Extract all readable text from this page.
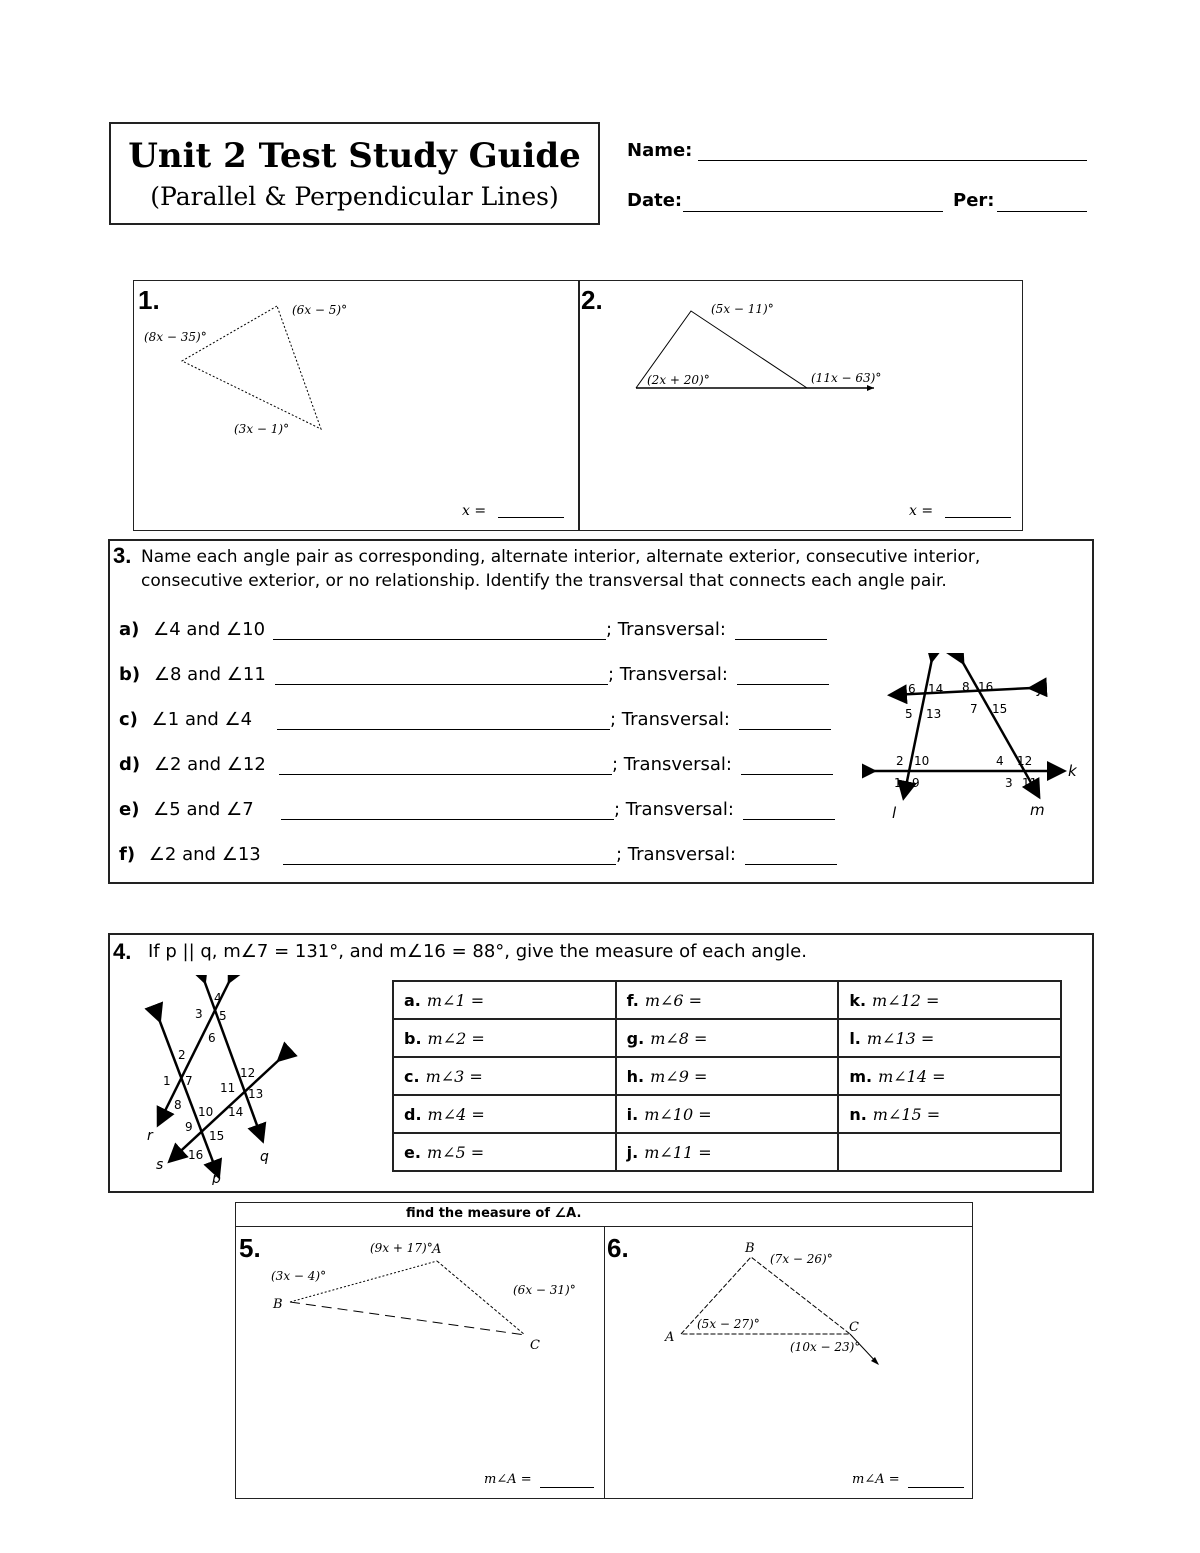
Unit 2 Test Study Guide
(Parallel & Perpendicular Lines)
Name:
Date:	Per:
1.	(6x − 5)°
(8x − 35)°
(3x − 1)°
x =
2.	(5x − 11)°
(2x + 20)°	(11x − 63)°
x =
3. Name each angle pair as corresponding, alternate interior, alternate exterior, consecutive interior,
consecutive exterior, or no relationship. Identify the transversal that connects each angle pair.
a) ∠4 and ∠10	; Transversal:
b) ∠8 and ∠11	; Transversal:
c) ∠1 and ∠4	; Transversal:
d) ∠2 and ∠12	; Transversal:
e) ∠5 and ∠7	; Transversal:
f) ∠2 and ∠13	; Transversal:
6 14 8 16
5 13 7 15
2 10	4 12
1 9	3 11
j
k
l	m
4. If p || q, m∠7 = 131°, and m∠16 = 88°, give the measure of each angle.
4
3 5
6
2
1 7
12
11 13
8 10 14
9
15
16
r
s
p
q
a. m∠1 =	f. m∠6 =	k. m∠12 =
b. m∠2 =	g. m∠8 =	l. m∠13 =
c. m∠3 =	h. m∠9 =	m. m∠14 =
d. m∠4 =	i. m∠10 =	n. m∠15 =
e. m∠5 =	j. m∠11 =	
find the measure of ∠A.
5.	(9x + 17)°
(3x − 4)°
(6x − 31)°
A
B
C
m∠A =
6.	(7x − 26)°
(5x − 27)°
(10x − 23)°
B
A
C
m∠A =
